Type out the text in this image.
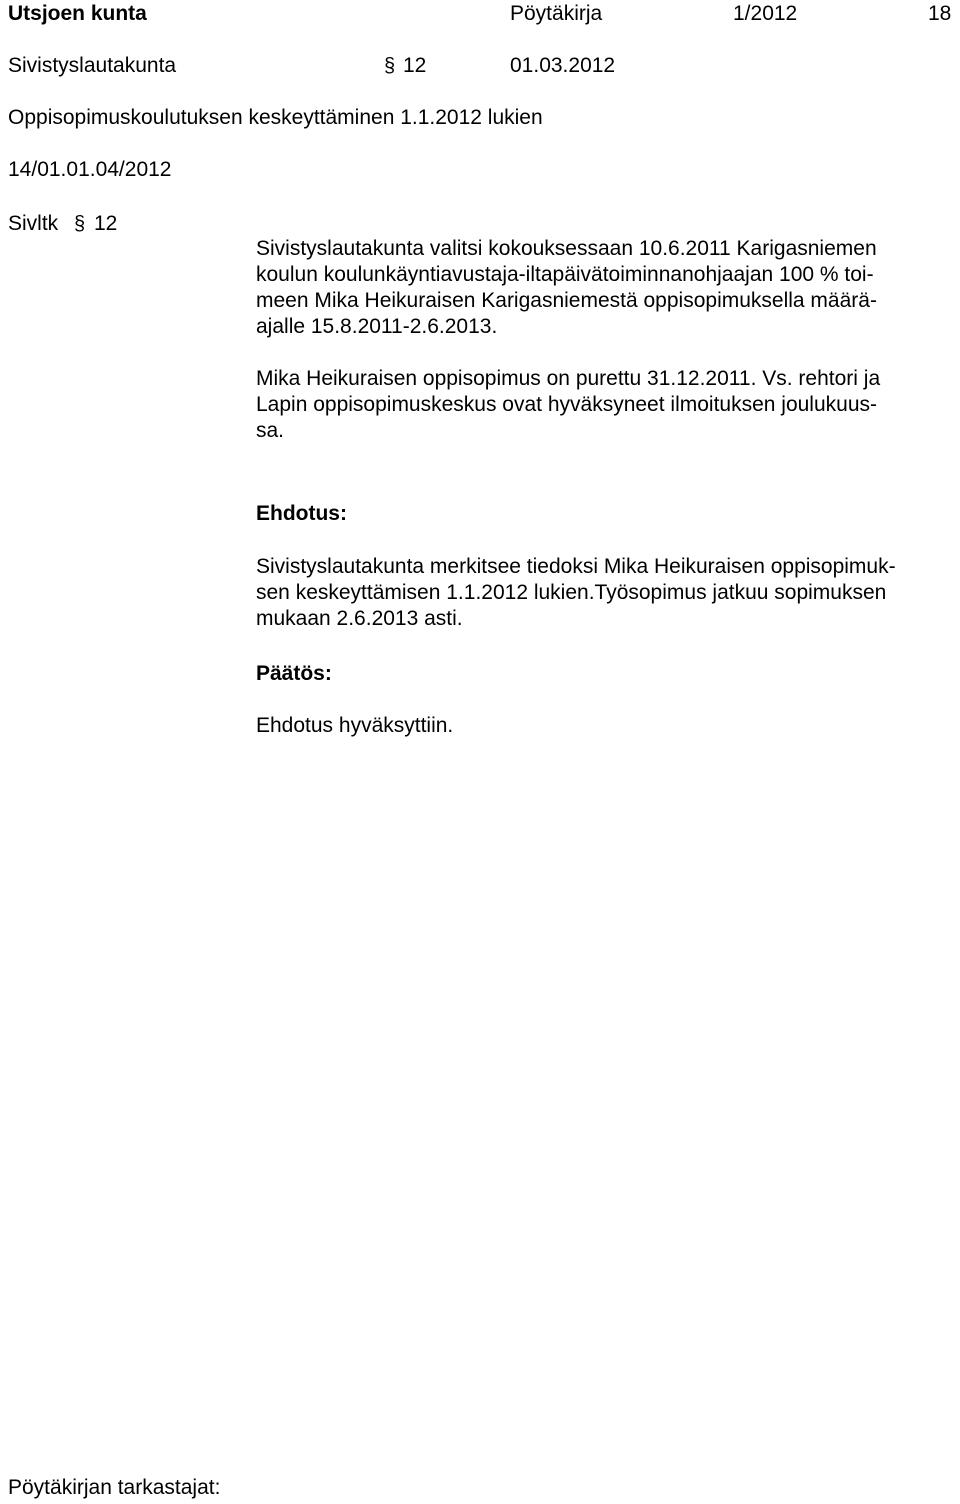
Utsjoen kunta	Pöytäkirja	1/2012	18
Sivistyslautakunta	§ 12	01.03.2012
Oppisopimuskoulutuksen keskeyttäminen 1.1.2012 lukien
14/01.01.04/2012
Sivltk § 12
Sivistyslautakunta valitsi kokouksessaan 10.6.2011 Karigasniemen
koulun koulunkäyntiavustaja-iltapäivätoiminnanohjaajan 100 % toi-
meen Mika Heikuraisen Karigasniemestä oppisopimuksella määrä-
ajalle 15.8.2011-2.6.2013.
Mika Heikuraisen oppisopimus on purettu 31.12.2011. Vs. rehtori ja
Lapin oppisopimuskeskus ovat hyväksyneet ilmoituksen joulukuus-
sa.
Ehdotus:
Sivistyslautakunta merkitsee tiedoksi Mika Heikuraisen oppisopimuk-
sen keskeyttämisen 1.1.2012 lukien.Työsopimus jatkuu sopimuksen
mukaan 2.6.2013 asti.
Päätös:
Ehdotus hyväksyttiin.
Pöytäkirjan tarkastajat:
